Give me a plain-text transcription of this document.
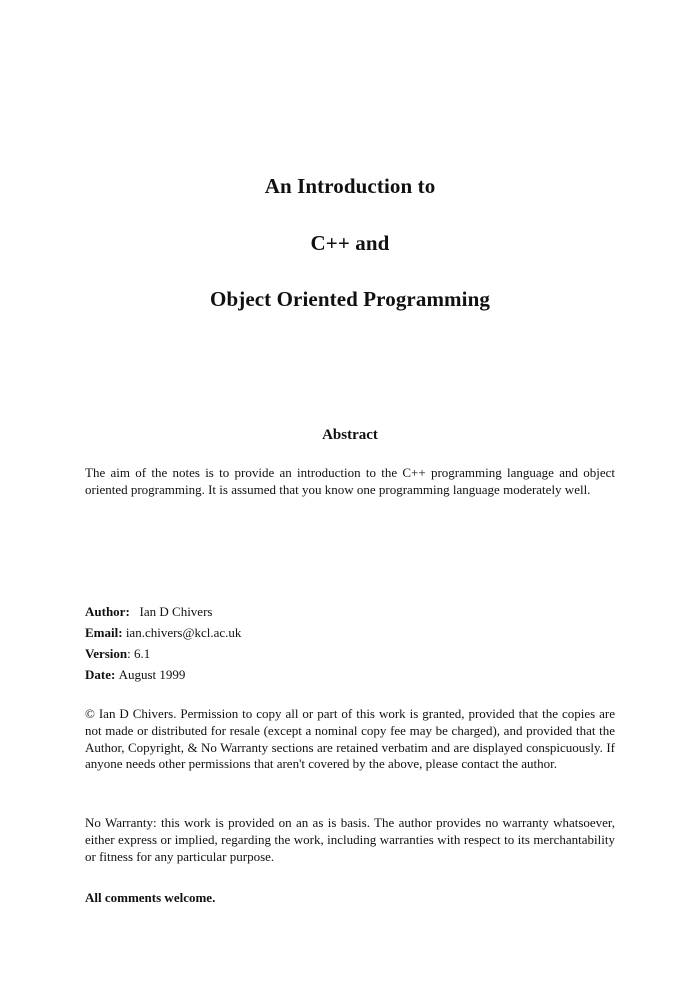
An Introduction to
C++ and
Object Oriented Programming
Abstract
The aim of the notes is to provide an introduction to the C++ programming language and object oriented programming. It is assumed that you know one programming language moderately well.
Author: Ian D Chivers
Email: ian.chivers@kcl.ac.uk
Version: 6.1
Date: August 1999
© Ian D Chivers. Permission to copy all or part of this work is granted, provided that the copies are not made or distributed for resale (except a nominal copy fee may be charged), and provided that the Author, Copyright, & No Warranty sections are retained verbatim and are displayed conspicuously. If anyone needs other permissions that aren't covered by the above, please contact the author.
No Warranty: this work is provided on an as is basis. The author provides no warranty whatsoever, either express or implied, regarding the work, including warranties with respect to its merchantability or fitness for any particular purpose.
All comments welcome.
